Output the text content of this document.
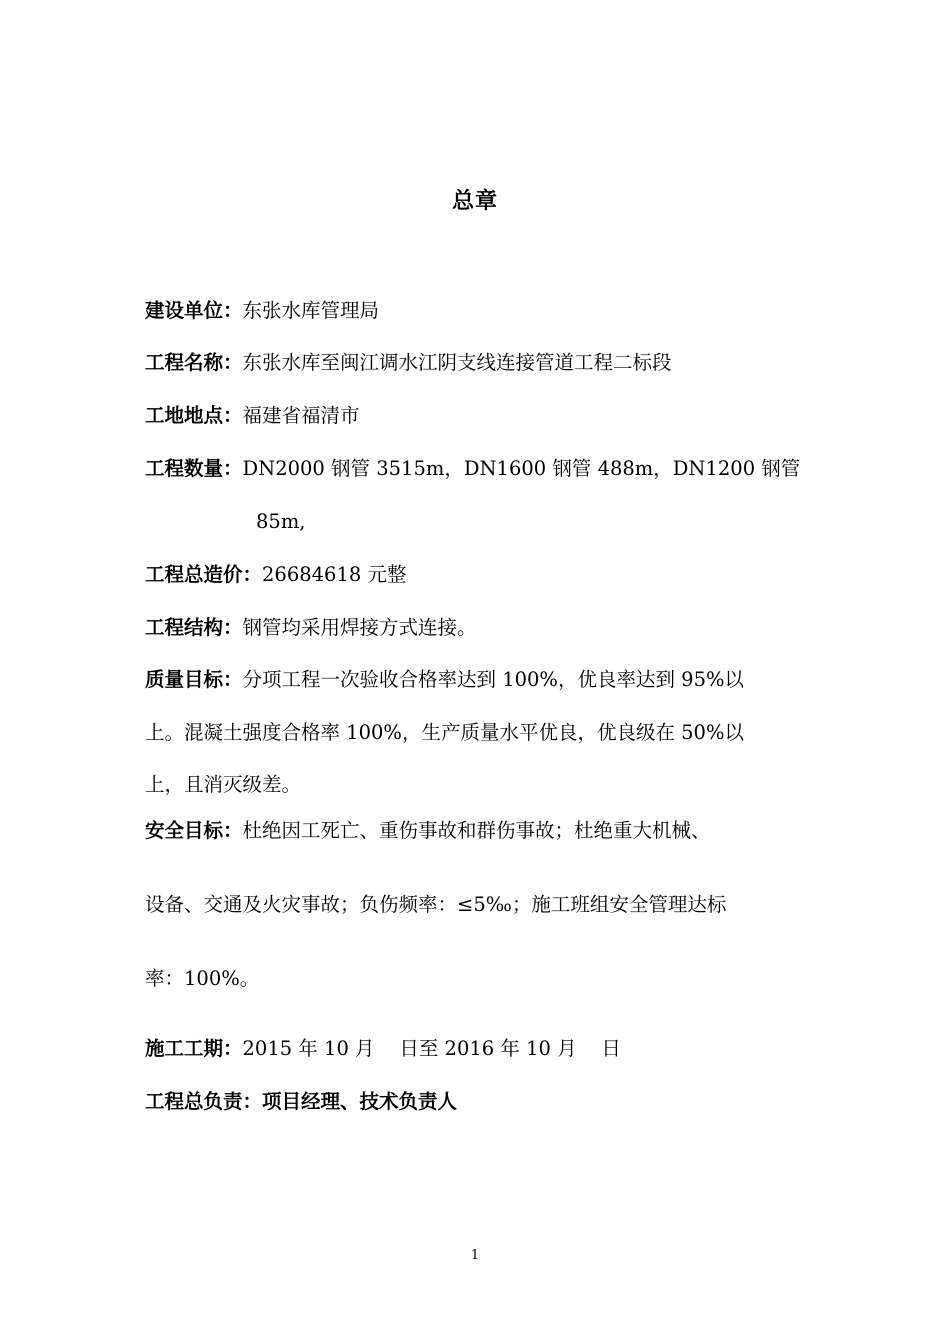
总章
建设单位：东张水库管理局
工程名称：东张水库至闽江调水江阴支线连接管道工程二标段
工地地点：福建省福清市
工程数量：DN2000 钢管 3515m，DN1600 钢管 488m，DN1200 钢管
85m,
工程总造价：26684618 元整
工程结构：钢管均采用焊接方式连接。
质量目标：分项工程一次验收合格率达到 100%，优良率达到 95%以
上。混凝土强度合格率 100%，生产质量水平优良，优良级在 50%以
上，且消灭级差。
安全目标：杜绝因工死亡、重伤事故和群伤事故；杜绝重大机械、
设备、交通及火灾事故；负伤频率：≤5‰；施工班组安全管理达标
率：100%。
施工工期：2015 年 10 月    日至 2016 年 10 月    日
工程总负责：项目经理、技术负责人
1
